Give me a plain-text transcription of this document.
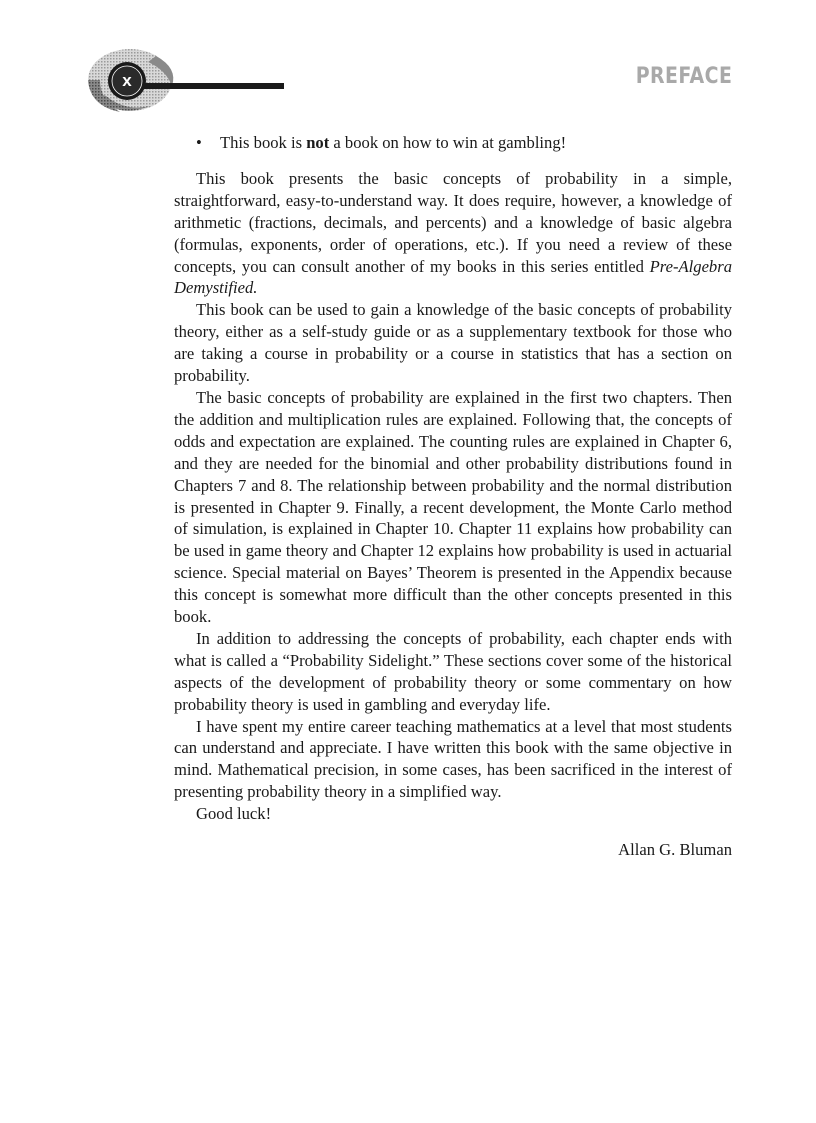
x	PREFACE
• This book is not a book on how to win at gambling!

This book presents the basic concepts of probability in a simple, straightforward, easy-to-understand way. It does require, however, a knowledge of arithmetic (fractions, decimals, and percents) and a knowledge of basic algebra (formulas, exponents, order of operations, etc.). If you need a review of these concepts, you can consult another of my books in this series entitled Pre-Algebra Demystified.

This book can be used to gain a knowledge of the basic concepts of probability theory, either as a self-study guide or as a supplementary textbook for those who are taking a course in probability or a course in statistics that has a section on probability.

The basic concepts of probability are explained in the first two chapters. Then the addition and multiplication rules are explained. Following that, the concepts of odds and expectation are explained. The counting rules are explained in Chapter 6, and they are needed for the binomial and other probability distributions found in Chapters 7 and 8. The relationship between probability and the normal distribution is presented in Chapter 9. Finally, a recent development, the Monte Carlo method of simulation, is explained in Chapter 10. Chapter 11 explains how probability can be used in game theory and Chapter 12 explains how probability is used in actuarial science. Special material on Bayes’ Theorem is presented in the Appendix because this concept is somewhat more difficult than the other concepts presented in this book.

In addition to addressing the concepts of probability, each chapter ends with what is called a “Probability Sidelight.” These sections cover some of the historical aspects of the development of probability theory or some commentary on how probability theory is used in gambling and everyday life.

I have spent my entire career teaching mathematics at a level that most students can understand and appreciate. I have written this book with the same objective in mind. Mathematical precision, in some cases, has been sacrificed in the interest of presenting probability theory in a simplified way.

Good luck!

Allan G. Bluman
